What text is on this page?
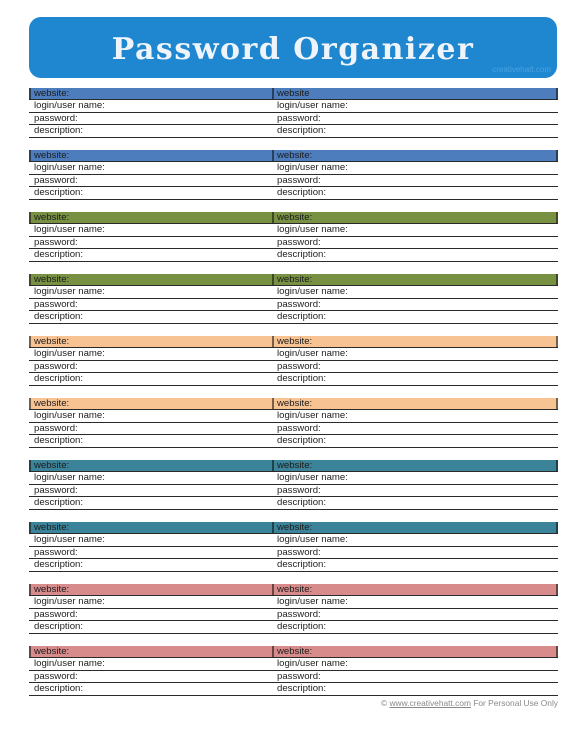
Password Organizer
creativehatt.com
website:
login/user name:
password:
description:
website:
login/user name:
password:
description:
website:
login/user name:
password:
description:
website:
login/user name:
password:
description:
website:
login/user name:
password:
description:
website:
login/user name:
password:
description:
website:
login/user name:
password:
description:
website:
login/user name:
password:
description:
website:
login/user name:
password:
description:
website:
login/user name:
password:
description:
website
login/user name:
password:
description:
website:
login/user name:
password:
description:
website:
login/user name:
password:
description:
website:
login/user name:
password:
description:
website:
login/user name:
password:
description:
website:
login/user name:
password:
description:
website:
login/user name:
password:
description:
website:
login/user name:
password:
description:
website:
login/user name:
password:
description:
website:
login/user name:
password:
description:
© www.creativehatt.com For Personal Use Only
